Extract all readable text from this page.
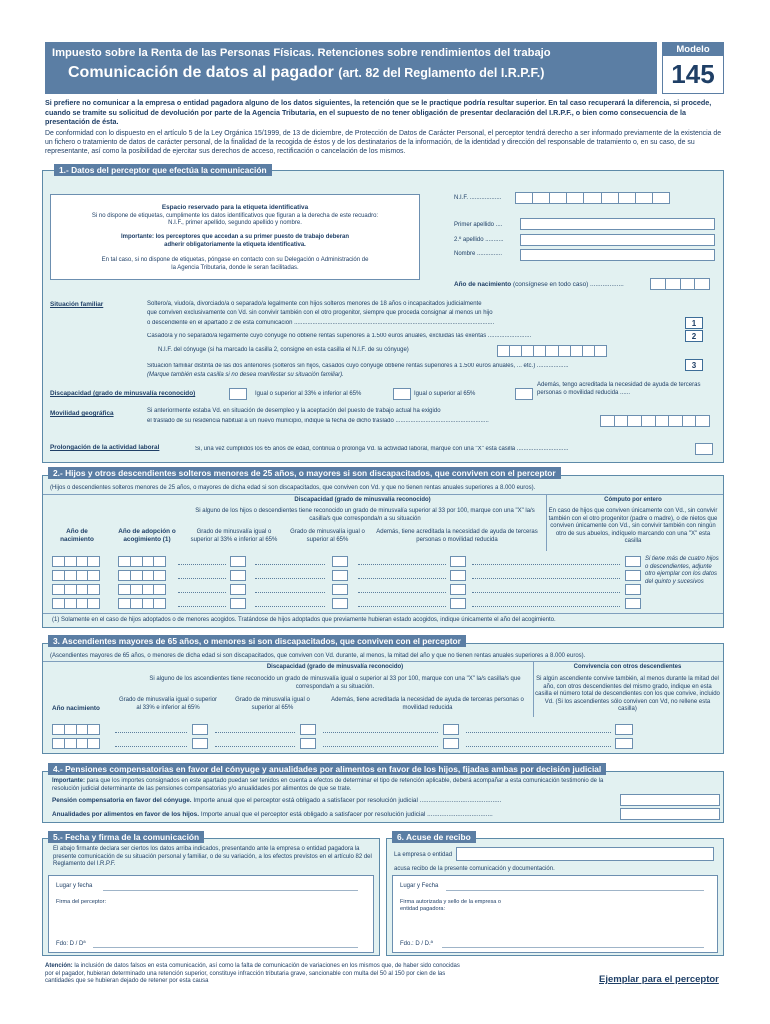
Impuesto sobre la Renta de las Personas Físicas. Retenciones sobre rendimientos del trabajo
Comunicación de datos al pagador (art. 82 del Reglamento del I.R.P.F.)
Modelo
145
Si prefiere no comunicar a la empresa o entidad pagadora alguno de los datos siguientes, la retención que se le practique podría resultar superior. En tal caso recuperará la diferencia, si procede, cuando se tramite su solicitud de devolución por parte de la Agencia Tributaria, en el supuesto de no tener obligación de presentar declaración del I.R.P.F., o bien como consecuencia de la presentación de ésta.
De conformidad con lo dispuesto en el artículo 5 de la Ley Orgánica 15/1999, de 13 de diciembre, de Protección de Datos de Carácter Personal, el perceptor tendrá derecho a ser informado previamente de la existencia de un fichero o tratamiento de datos de carácter personal, de la finalidad de la recogida de éstos y de los destinatarios de la información, de la identidad y dirección del responsable de tratamiento o, en su caso, de su representante, así como la posibilidad de ejercitar sus derechos de acceso, rectificación o cancelación de los mismos.
1.- Datos del perceptor que efectúa la comunicación
Espacio reservado para la etiqueta identificativa
Si no dispone de etiquetas, cumplimente los datos identificativos que figuran a la derecha de este recuadro:
N.I.F., primer apellido, segundo apellido y nombre.
Importante: los perceptores que accedan a su primer puesto de trabajo deberan adherir obligatoriamente la etiqueta identificativa.
En tal caso, si no dispone de etiquetas, póngase en contacto con su Delegación o Administración de la Agencia Tributaria, donde le seran facilitadas.
N.I.F. ...................
Primer apellido ....
2.º apellido ...........
Nombre ...............
Año de nacimiento (consígnese en todo caso) ...................
Situación familiar	Soltero/a, viudo/a, divorciado/a o separado/a legalmente con hijos solteros menores de 18 años o incapacitados judicialmente
que conviven exclusivamente con Vd. sin convivir también con el otro progenitor, siempre que proceda consignar al menos un hijo
o descendiente en el apartado 2 de esta comunicación ........................................................................................................................	1
Casado/a y no separado/a legalmente cuyo cónyuge no obtiene rentas superiores a 1.500 euros anuales, excluidas las exentas ..........................	2
N.I.F. del cónyuge (si ha marcado la casilla 2, consigne en esta casilla el N.I.F. de su cónyuge)
Situación familiar distinta de las dos anteriores (solteros sin hijos, casados cuyo cónyuge obtiene rentas superiores a 1.500 euros anuales, ... etc.) ...................
(Marque también esta casilla si no desea manifestar su situación familiar).
3
Discapacidad (grado de minusvalía reconocido)	Igual o superior al 33% e inferior al 65%	Igual o superior al 65%
Además, tengo acreditada la necesidad de ayuda de terceras personas o movilidad reducida ......
Movilidad geográfica	Si anteriormente estaba Vd. en situación de desempleo y la aceptación del puesto de trabajo actual ha exigido
el traslado de su residencia habitual a un nuevo municipio, indique la fecha de dicho traslado ........................................................
Prolongación de la actividad laboral	Si, una vez cumplidos los 65 años de edad, continúa o prolonga Vd. la actividad laboral, marque con una "X" esta casilla ...............................
2.- Hijos y otros descendientes solteros menores de 25 años, o mayores si son discapacitados, que conviven con el perceptor
(Hijos o descendientes solteros menores de 25 años, o mayores de dicha edad si son discapacitados, que conviven con Vd. y que no tienen rentas anuales superiores a 8.000 euros).
Año de nacimiento
Año de adopción o acogimiento (1)
Discapacidad (grado de minusvalía reconocido)
Si alguno de los hijos o descendientes tiene reconocido un grado de minusvalía superior al 33 por 100, marque con una "X" la/s casilla/s que corresponda/n a su situación
Grado de minusvalía igual o superior al 33% e inferior al 65%
Grado de minusvalía igual o superior al 65%
Además, tiene acreditada la necesidad de ayuda de terceras personas o movilidad reducida
Cómputo por entero
En caso de hijos que conviven únicamente con Vd., sin convivir también con el otro progenitor (padre o madre), o de nietos que conviven únicamente con Vd., sin convivir también con ningún otro de sus abuelos, indíquelo marcando con una "X" esta casilla
Si tiene más de cuatro hijos o descendientes, adjunte otro ejemplar con los datos del quinto y sucesivos
(1) Solamente en el caso de hijos adoptados o de menores acogidos. Tratándose de hijos adoptados que previamente hubieran estado acogidos, indique únicamente el año del acogimiento.
3. Ascendientes mayores de 65 años, o menores si son discapacitados, que conviven con el perceptor
(Ascendientes mayores de 65 años, o menores de dicha edad si son discapacitados, que conviven con Vd. durante, al menos, la mitad del año y que no tienen rentas anuales superiores a 8.000 euros).
Año nacimiento
Discapacidad (grado de minusvalía reconocido)
Si alguno de los ascendientes tiene reconocido un grado de minusvalía igual o superior al 33 por 100, marque con una "X" la/s casilla/s que corresponda/n a su situación.
Grado de minusvalía igual o superior al 33% e inferior al 65%
Grado de minusvalía igual o superior al 65%
Además, tiene acreditada la necesidad de ayuda de terceras personas o movilidad reducida
Convivencia con otros descendientes
Si algún ascendiente convive también, al menos durante la mitad del año, con otros descendientes del mismo grado, indique en esta casilla el número total de descendientes con los que convive, incluido Vd. (Si los ascendientes sólo conviven con Vd, no rellene esta casilla)
4.- Pensiones compensatorias en favor del cónyuge y anualidades por alimentos en favor de los hijos, fijadas ambas por decisión judicial
Importante: para que los importes consignados en este apartado puedan ser tenidos en cuenta a efectos de determinar el tipo de retención aplicable, deberá acompañar a esta comunicación testimonio de la resolución judicial determinante de las pensiones compensatorias y/o anualidades por alimentos de que se trate.
Pensión compensatoria en favor del cónyuge. Importe anual que el perceptor está obligado a satisfacer por resolución judicial ..............................................
Anualidades por alimentos en favor de los hijos. Importe anual que el perceptor está obligado a satisfacer por resolución judicial .....................................
5.- Fecha y firma de la comunicación
El abajo firmante declara ser ciertos los datos arriba indicados, presentando ante la empresa o entidad pagadora la presente comunicación de su situación personal y familiar, o de su variación, a los efectos previstos en el artículo 82 del Reglamento del I.R.P.F.
Lugar y fecha
Firma del perceptor:
Fdo: D / Dª
6. Acuse de recibo
La empresa o entidad
acusa recibo de la presente comunicación y documentación.
Lugar y Fecha
Firma autorizada y sello de la empresa o entidad pagadora:
Fdo.: D / D.ª
Atención: la inclusión de datos falsos en esta comunicación, así como la falta de comunicación de variaciones en los mismos que, de haber sido conocidas por el pagador, hubieran determinado una retención superior, constituye infracción tributaria grave, sancionable con multa del 50 al 150 por cien de las cantidades que se hubieran dejado de retener por esta causa	Ejemplar para el perceptor
